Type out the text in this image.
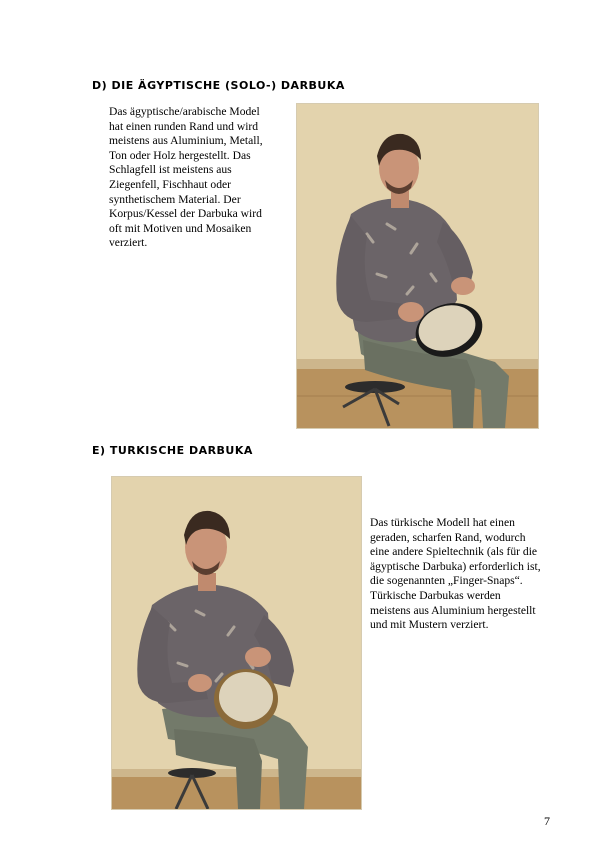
D) DIE ÄGYPTISCHE (SOLO-) DARBUKA
Das ägyptische/arabische Model
hat einen runden Rand und wird
meistens aus Aluminium, Metall,
Ton oder Holz hergestellt. Das
Schlagfell ist meistens aus
Ziegenfell, Fischhaut oder
synthetischem Material. Der
Korpus/Kessel der Darbuka wird
oft mit Motiven und Mosaiken
verziert.
E) TURKISCHE DARBUKA
Das türkische Modell hat einen
geraden, scharfen Rand, wodurch
eine andere Spieltechnik (als für die
ägyptische Darbuka) erforderlich ist,
die sogenannten „Finger-Snaps“.
Türkische Darbukas werden
meistens aus Aluminium hergestellt
und mit Mustern verziert.
7
